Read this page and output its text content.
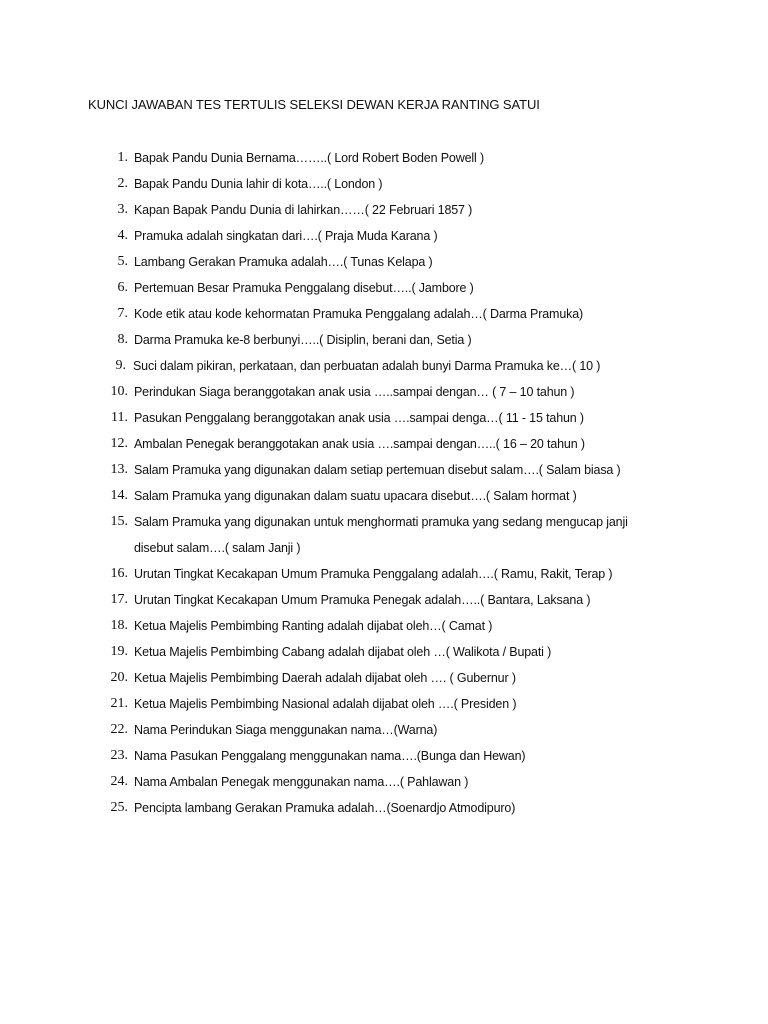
KUNCI JAWABAN TES TERTULIS SELEKSI DEWAN KERJA RANTING SATUI
1. Bapak Pandu Dunia Bernama……..( Lord Robert Boden Powell )
2. Bapak Pandu Dunia lahir di kota…..( London )
3. Kapan Bapak Pandu Dunia di lahirkan……( 22 Februari 1857 )
4. Pramuka adalah singkatan dari….( Praja Muda Karana )
5. Lambang Gerakan Pramuka adalah….( Tunas Kelapa )
6. Pertemuan Besar Pramuka Penggalang disebut…..( Jambore )
7. Kode etik atau kode kehormatan Pramuka Penggalang adalah…( Darma Pramuka)
8. Darma Pramuka ke-8 berbunyi…..( Disiplin, berani dan, Setia )
9. Suci dalam pikiran, perkataan, dan perbuatan adalah bunyi Darma Pramuka ke…( 10 )
10. Perindukan Siaga beranggotakan anak usia …..sampai dengan… ( 7 – 10 tahun )
11. Pasukan Penggalang beranggotakan anak usia ….sampai denga…( 11 - 15 tahun )
12. Ambalan Penegak beranggotakan anak usia ….sampai dengan…..( 16 – 20 tahun )
13. Salam Pramuka yang digunakan dalam setiap pertemuan disebut salam….( Salam biasa )
14. Salam Pramuka yang digunakan dalam suatu upacara disebut….( Salam hormat )
15. Salam Pramuka yang digunakan untuk menghormati pramuka yang sedang mengucap janji disebut salam….( salam Janji )
16. Urutan Tingkat Kecakapan Umum Pramuka Penggalang adalah….( Ramu, Rakit, Terap )
17. Urutan Tingkat Kecakapan Umum Pramuka Penegak adalah…..( Bantara, Laksana )
18. Ketua Majelis Pembimbing Ranting adalah dijabat oleh…( Camat )
19. Ketua Majelis Pembimbing Cabang adalah dijabat oleh …( Walikota / Bupati )
20. Ketua Majelis Pembimbing Daerah adalah dijabat oleh …. ( Gubernur )
21. Ketua Majelis Pembimbing Nasional adalah dijabat oleh ….( Presiden )
22. Nama Perindukan Siaga menggunakan nama…(Warna)
23. Nama Pasukan Penggalang menggunakan nama….(Bunga dan Hewan)
24. Nama Ambalan Penegak menggunakan nama….( Pahlawan )
25. Pencipta lambang Gerakan Pramuka adalah…(Soenardjo Atmodipuro)
